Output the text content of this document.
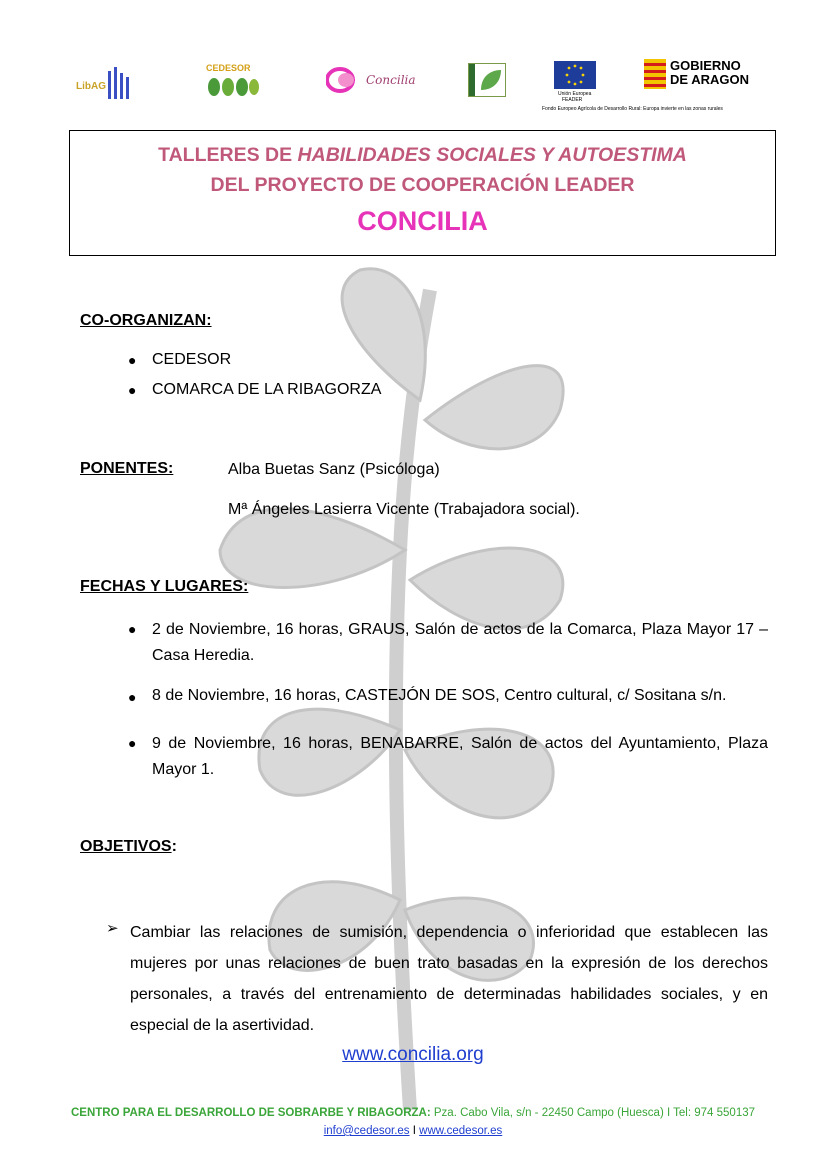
LibAG
CEDESOR
Concilia
Unión Europea
FEADER
Fondo Europeo Agrícola de Desarrollo Rural: Europa invierte en las zonas rurales
GOBIERNO
DE ARAGON
TALLERES DE HABILIDADES SOCIALES Y AUTOESTIMA
DEL PROYECTO DE COOPERACIÓN LEADER
CONCILIA
CO-ORGANIZAN:
● CEDESOR
● COMARCA DE LA RIBAGORZA
PONENTES:	Alba Buetas Sanz (Psicóloga)
Mª Ángeles Lasierra Vicente (Trabajadora social).
FECHAS Y LUGARES:
● 2 de Noviembre, 16 horas, GRAUS, Salón de actos de la Comarca, Plaza Mayor 17 – Casa Heredia.
● 8 de Noviembre, 16 horas, CASTEJÓN DE SOS, Centro cultural, c/ Sositana s/n.
● 9 de Noviembre, 16 horas, BENABARRE, Salón de actos del Ayuntamiento, Plaza Mayor 1.
OBJETIVOS:
➢ Cambiar las relaciones de sumisión, dependencia o inferioridad que establecen las mujeres por unas relaciones de buen trato basadas en la expresión de los derechos personales, a través del entrenamiento de determinadas habilidades sociales, y en especial de la asertividad.
www.concilia.org
CENTRO PARA EL DESARROLLO DE SOBRARBE Y RIBAGORZA: Pza. Cabo Vila, s/n - 22450 Campo (Huesca) I Tel: 974 550137
info@cedesor.es I www.cedesor.es
